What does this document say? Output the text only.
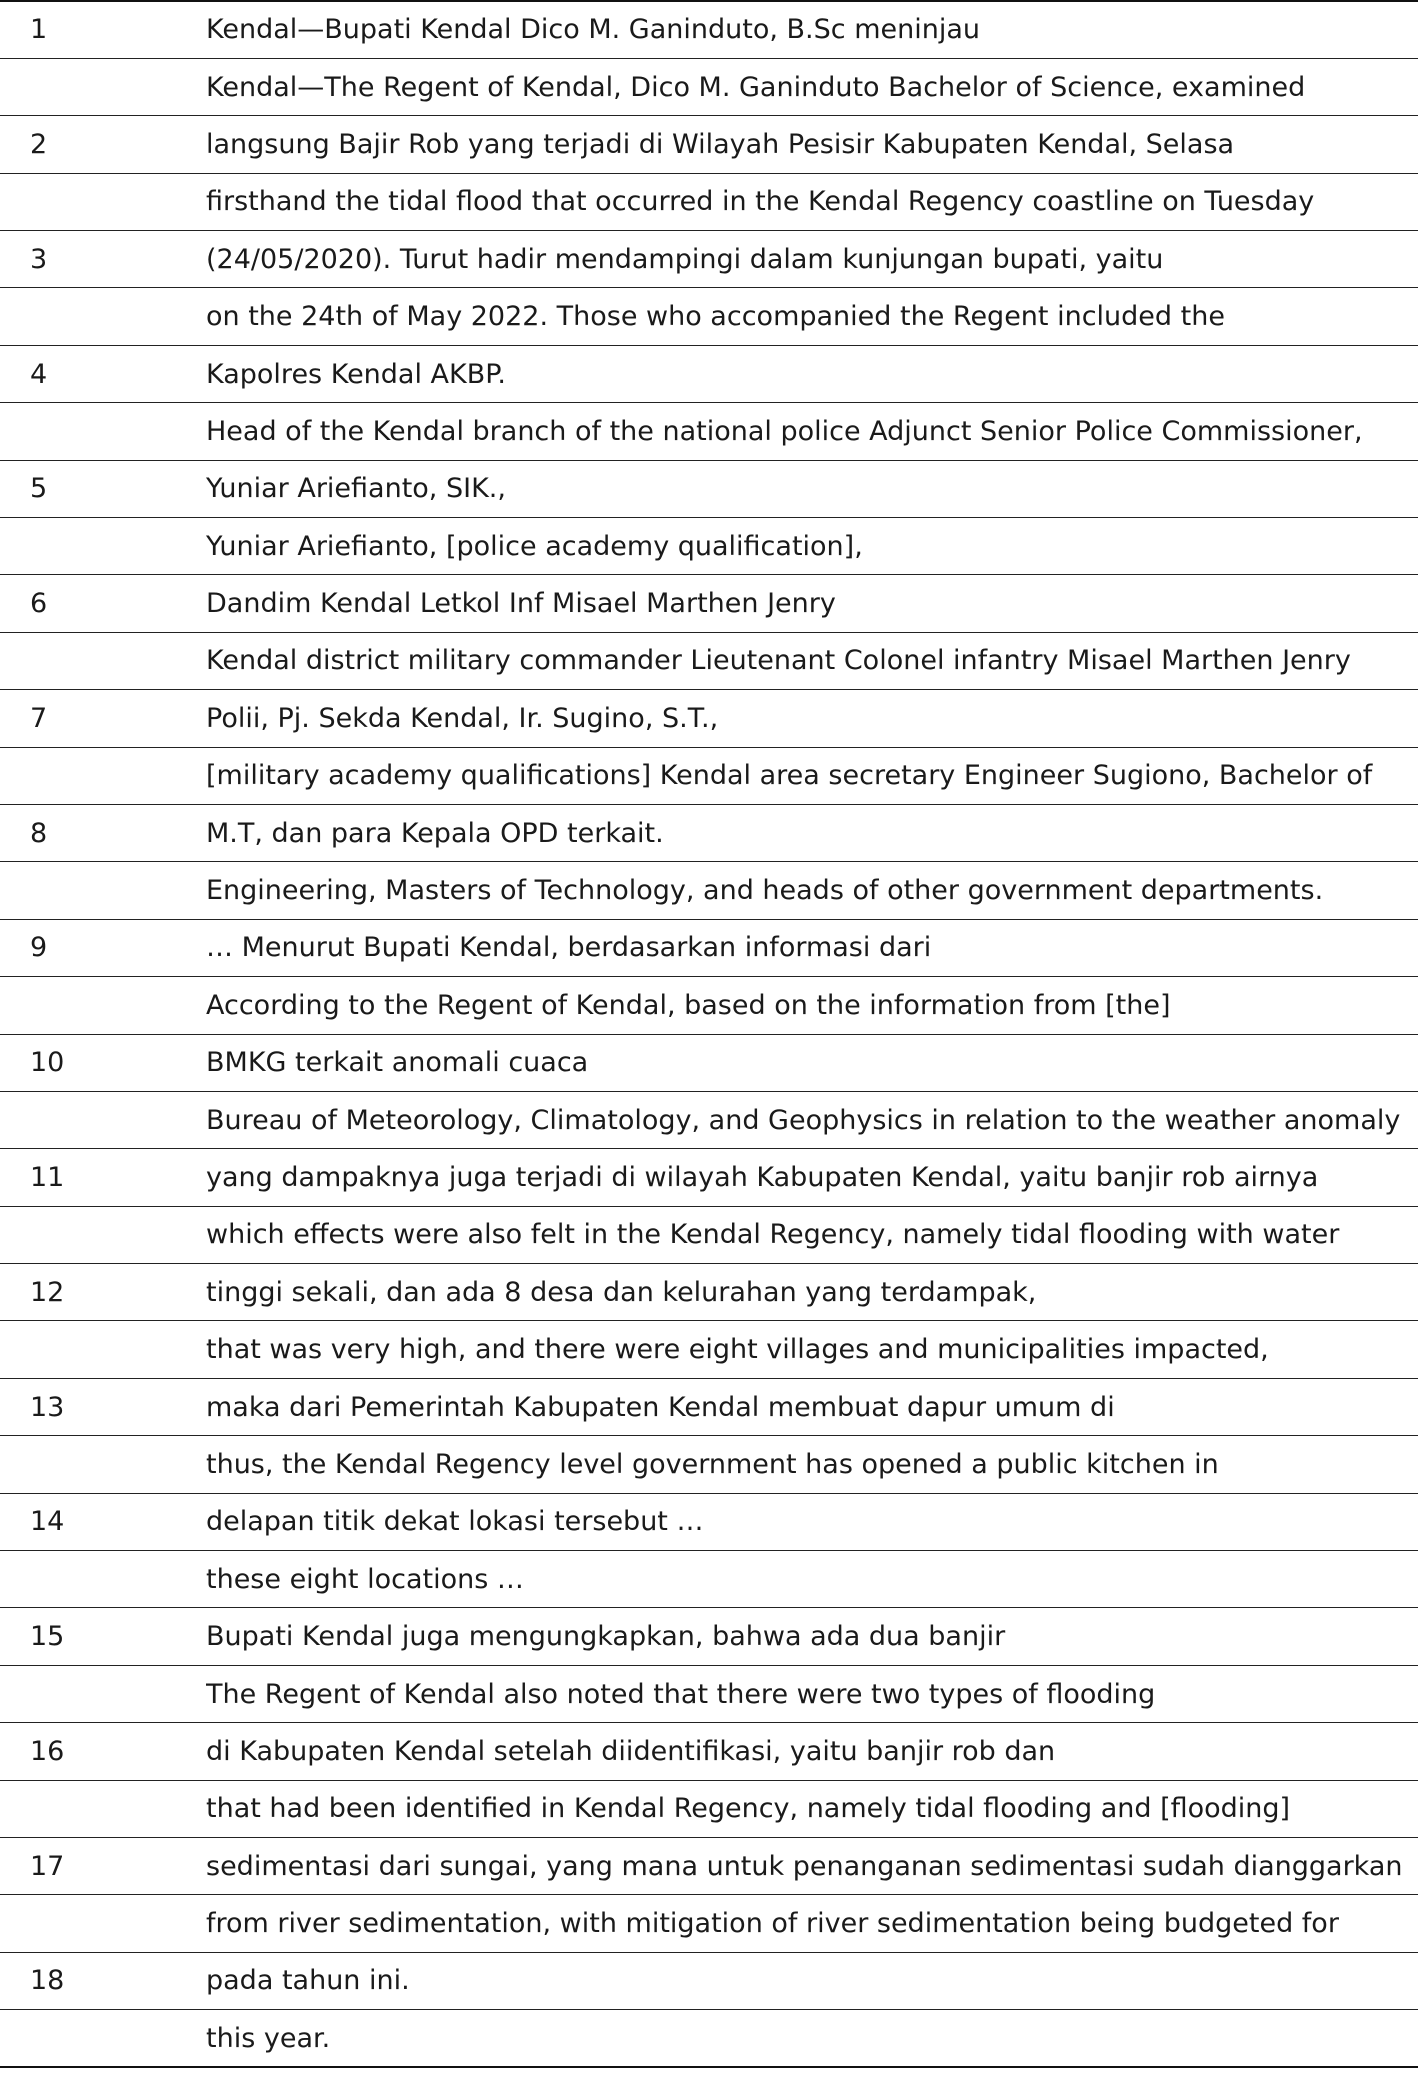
1	Kendal—Bupati Kendal Dico M. Ganinduto, B.Sc meninjau
	Kendal—The Regent of Kendal, Dico M. Ganinduto Bachelor of Science, examined
2	langsung Bajir Rob yang terjadi di Wilayah Pesisir Kabupaten Kendal, Selasa
	firsthand the tidal flood that occurred in the Kendal Regency coastline on Tuesday
3	(24/05/2020). Turut hadir mendampingi dalam kunjungan bupati, yaitu
	on the 24th of May 2022. Those who accompanied the Regent included the
4	Kapolres Kendal AKBP.
	Head of the Kendal branch of the national police Adjunct Senior Police Commissioner,
5	Yuniar Ariefianto, SIK.,
	Yuniar Ariefianto, [police academy qualification],
6	Dandim Kendal Letkol Inf Misael Marthen Jenry
	Kendal district military commander Lieutenant Colonel infantry Misael Marthen Jenry
7	Polii, Pj. Sekda Kendal, Ir. Sugino, S.T.,
	[military academy qualifications] Kendal area secretary Engineer Sugiono, Bachelor of
8	M.T, dan para Kepala OPD terkait.
	Engineering, Masters of Technology, and heads of other government departments.
9	… Menurut Bupati Kendal, berdasarkan informasi dari
	According to the Regent of Kendal, based on the information from [the]
10	BMKG terkait anomali cuaca
	Bureau of Meteorology, Climatology, and Geophysics in relation to the weather anomaly
11	yang dampaknya juga terjadi di wilayah Kabupaten Kendal, yaitu banjir rob airnya
	which effects were also felt in the Kendal Regency, namely tidal flooding with water
12	tinggi sekali, dan ada 8 desa dan kelurahan yang terdampak,
	that was very high, and there were eight villages and municipalities impacted,
13	maka dari Pemerintah Kabupaten Kendal membuat dapur umum di
	thus, the Kendal Regency level government has opened a public kitchen in
14	delapan titik dekat lokasi tersebut …
	these eight locations …
15	Bupati Kendal juga mengungkapkan, bahwa ada dua banjir
	The Regent of Kendal also noted that there were two types of flooding
16	di Kabupaten Kendal setelah diidentifikasi, yaitu banjir rob dan
	that had been identified in Kendal Regency, namely tidal flooding and [flooding]
17	sedimentasi dari sungai, yang mana untuk penanganan sedimentasi sudah dianggarkan
	from river sedimentation, with mitigation of river sedimentation being budgeted for
18	pada tahun ini.
	this year.
